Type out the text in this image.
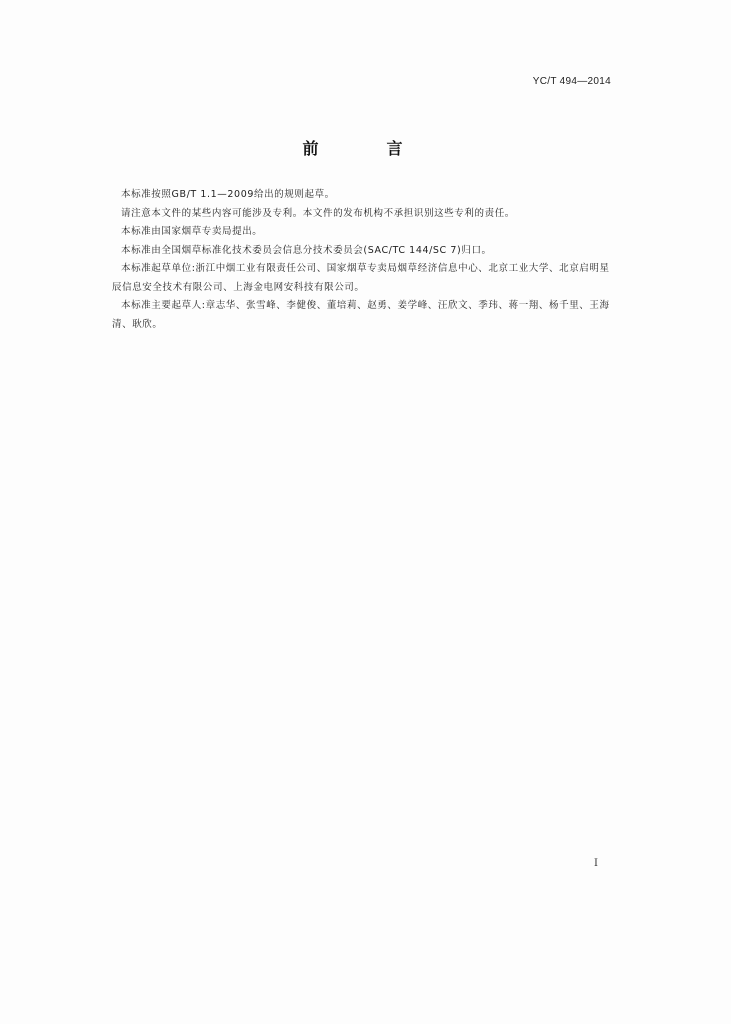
YC/T 494—2014
前　言

本标准按照GB/T 1.1—2009给出的规则起草。

请注意本文件的某些内容可能涉及专利。本文件的发布机构不承担识别这些专利的责任。

本标准由国家烟草专卖局提出。

本标准由全国烟草标准化技术委员会信息分技术委员会(SAC/TC 144/SC 7)归口。

本标准起草单位:浙江中烟工业有限责任公司、国家烟草专卖局烟草经济信息中心、北京工业大学、北京启明星辰信息安全技术有限公司、上海金电网安科技有限公司。

本标准主要起草人:章志华、张雪峰、李健俊、董培莉、赵勇、姜学峰、汪欣文、季玮、蒋一翔、杨千里、王海清、耿欣。

I
